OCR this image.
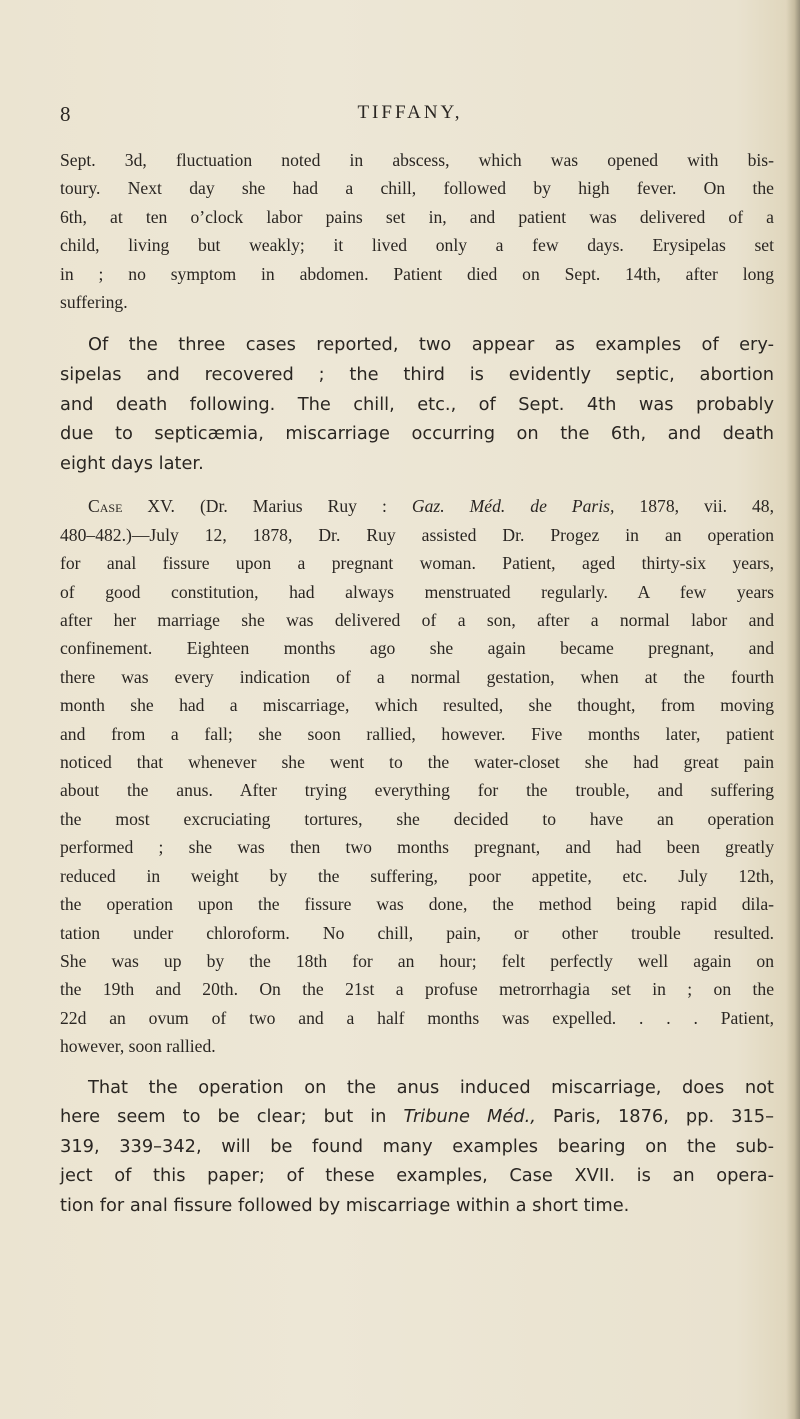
8	TIFFANY,
Sept. 3d, fluctuation noted in abscess, which was opened with bis-
toury. Next day she had a chill, followed by high fever. On the
6th, at ten o’clock labor pains set in, and patient was delivered of a
child, living but weakly; it lived only a few days. Erysipelas set
in ; no symptom in abdomen. Patient died on Sept. 14th, after long
suffering.
Of the three cases reported, two appear as examples of ery-
sipelas and recovered ; the third is evidently septic, abortion
and death following. The chill, etc., of Sept. 4th was probably
due to septicæmia, miscarriage occurring on the 6th, and death
eight days later.
Case XV. (Dr. Marius Ruy : Gaz. Méd. de Paris, 1878, vii. 48,
480–482.)—July 12, 1878, Dr. Ruy assisted Dr. Progez in an operation
for anal fissure upon a pregnant woman. Patient, aged thirty-six years,
of good constitution, had always menstruated regularly. A few years
after her marriage she was delivered of a son, after a normal labor and
confinement. Eighteen months ago she again became pregnant, and
there was every indication of a normal gestation, when at the fourth
month she had a miscarriage, which resulted, she thought, from moving
and from a fall; she soon rallied, however. Five months later, patient
noticed that whenever she went to the water-closet she had great pain
about the anus. After trying everything for the trouble, and suffering
the most excruciating tortures, she decided to have an operation
performed ; she was then two months pregnant, and had been greatly
reduced in weight by the suffering, poor appetite, etc. July 12th,
the operation upon the fissure was done, the method being rapid dila-
tation under chloroform. No chill, pain, or other trouble resulted.
She was up by the 18th for an hour; felt perfectly well again on
the 19th and 20th. On the 21st a profuse metrorrhagia set in ; on the
22d an ovum of two and a half months was expelled. . . . Patient,
however, soon rallied.
That the operation on the anus induced miscarriage, does not
here seem to be clear; but in Tribune Méd., Paris, 1876, pp. 315–
319, 339–342, will be found many examples bearing on the sub-
ject of this paper; of these examples, Case XVII. is an opera-
tion for anal fissure followed by miscarriage within a short time.
